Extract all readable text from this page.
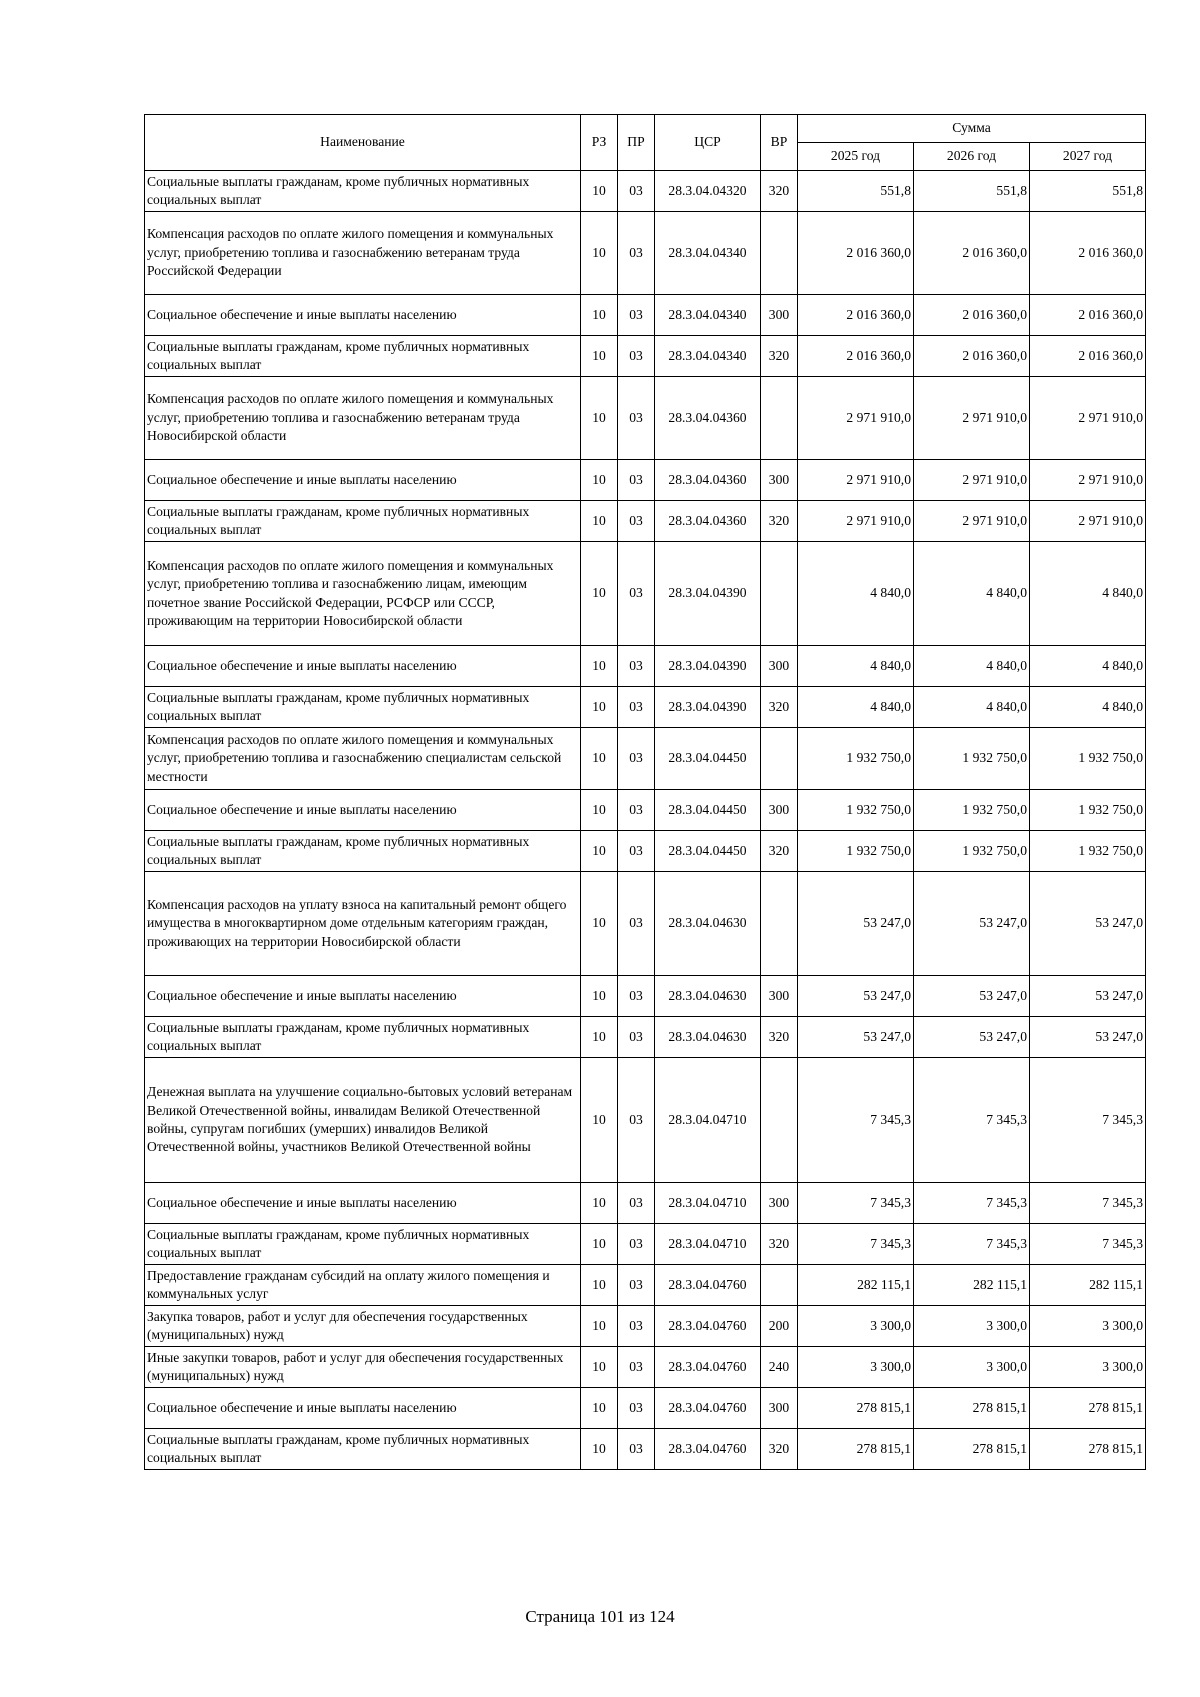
Наименование	РЗ	ПР	ЦСР	ВР	Сумма		
					2025 год	2026 год	2027 год
Социальные выплаты гражданам, кроме публичных нормативных социальных выплат	10	03	28.3.04.04320	320	551,8	551,8	551,8
Компенсация расходов по оплате жилого помещения и коммунальных услуг, приобретению топлива и газоснабжению ветеранам труда Российской Федерации	10	03	28.3.04.04340		2 016 360,0	2 016 360,0	2 016 360,0
Социальное обеспечение и иные выплаты населению	10	03	28.3.04.04340	300	2 016 360,0	2 016 360,0	2 016 360,0
Социальные выплаты гражданам, кроме публичных нормативных социальных выплат	10	03	28.3.04.04340	320	2 016 360,0	2 016 360,0	2 016 360,0
Компенсация расходов по оплате жилого помещения и коммунальных услуг, приобретению топлива и газоснабжению ветеранам труда Новосибирской области	10	03	28.3.04.04360		2 971 910,0	2 971 910,0	2 971 910,0
Социальное обеспечение и иные выплаты населению	10	03	28.3.04.04360	300	2 971 910,0	2 971 910,0	2 971 910,0
Социальные выплаты гражданам, кроме публичных нормативных социальных выплат	10	03	28.3.04.04360	320	2 971 910,0	2 971 910,0	2 971 910,0
Компенсация расходов по оплате жилого помещения и коммунальных услуг, приобретению топлива и газоснабжению лицам, имеющим почетное звание Российской Федерации, РСФСР или СССР, проживающим на территории Новосибирской области	10	03	28.3.04.04390		4 840,0	4 840,0	4 840,0
Социальное обеспечение и иные выплаты населению	10	03	28.3.04.04390	300	4 840,0	4 840,0	4 840,0
Социальные выплаты гражданам, кроме публичных нормативных социальных выплат	10	03	28.3.04.04390	320	4 840,0	4 840,0	4 840,0
Компенсация расходов по оплате жилого помещения и коммунальных услуг, приобретению топлива и газоснабжению специалистам сельской местности	10	03	28.3.04.04450		1 932 750,0	1 932 750,0	1 932 750,0
Социальное обеспечение и иные выплаты населению	10	03	28.3.04.04450	300	1 932 750,0	1 932 750,0	1 932 750,0
Социальные выплаты гражданам, кроме публичных нормативных социальных выплат	10	03	28.3.04.04450	320	1 932 750,0	1 932 750,0	1 932 750,0
Компенсация расходов на уплату взноса на капитальный ремонт общего имущества в многоквартирном доме отдельным категориям граждан, проживающих на территории Новосибирской области	10	03	28.3.04.04630		53 247,0	53 247,0	53 247,0
Социальное обеспечение и иные выплаты населению	10	03	28.3.04.04630	300	53 247,0	53 247,0	53 247,0
Социальные выплаты гражданам, кроме публичных нормативных социальных выплат	10	03	28.3.04.04630	320	53 247,0	53 247,0	53 247,0
Денежная выплата на улучшение социально-бытовых условий ветеранам Великой Отечественной войны, инвалидам Великой Отечественной войны, супругам погибших (умерших) инвалидов Великой Отечественной войны, участников Великой Отечественной войны	10	03	28.3.04.04710		7 345,3	7 345,3	7 345,3
Социальное обеспечение и иные выплаты населению	10	03	28.3.04.04710	300	7 345,3	7 345,3	7 345,3
Социальные выплаты гражданам, кроме публичных нормативных социальных выплат	10	03	28.3.04.04710	320	7 345,3	7 345,3	7 345,3
Предоставление гражданам субсидий на оплату жилого помещения и коммунальных услуг	10	03	28.3.04.04760		282 115,1	282 115,1	282 115,1
Закупка товаров, работ и услуг для обеспечения государственных (муниципальных) нужд	10	03	28.3.04.04760	200	3 300,0	3 300,0	3 300,0
Иные закупки товаров, работ и услуг для обеспечения государственных (муниципальных) нужд	10	03	28.3.04.04760	240	3 300,0	3 300,0	3 300,0
Социальное обеспечение и иные выплаты населению	10	03	28.3.04.04760	300	278 815,1	278 815,1	278 815,1
Социальные выплаты гражданам, кроме публичных нормативных социальных выплат	10	03	28.3.04.04760	320	278 815,1	278 815,1	278 815,1
Страница 101 из 124
